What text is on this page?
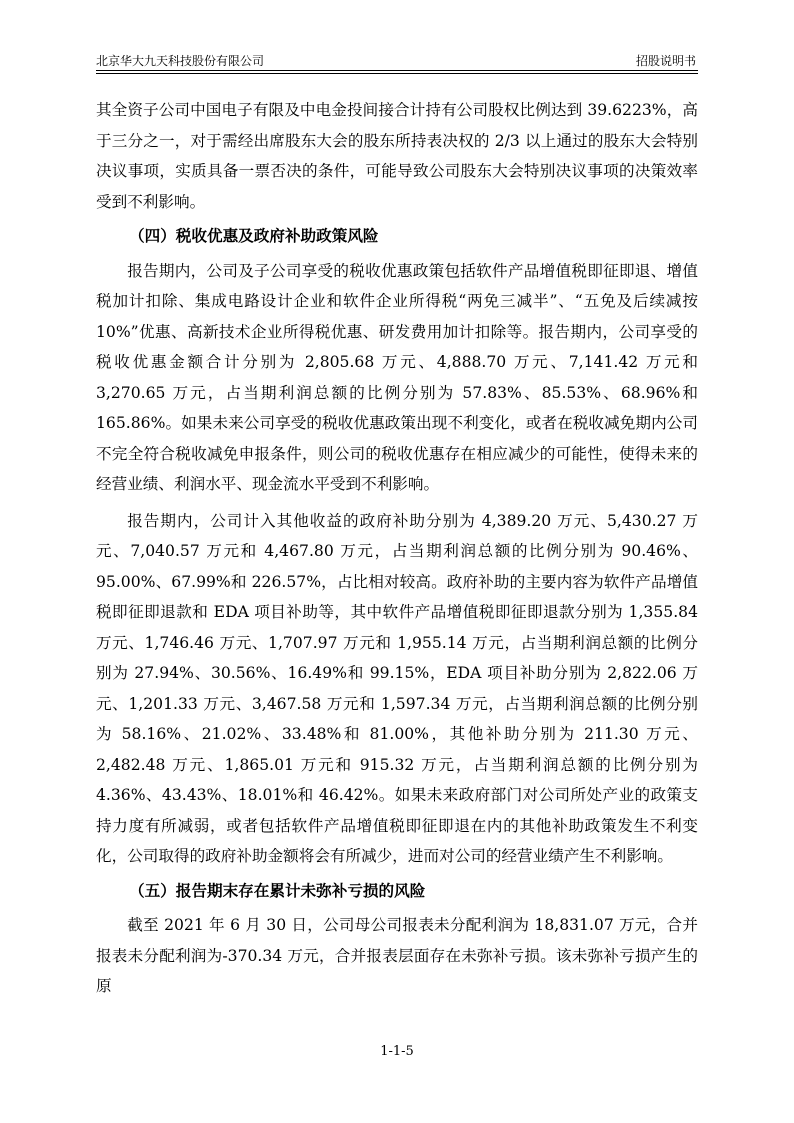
北京华大九天科技股份有限公司	招股说明书

其全资子公司中国电子有限及中电金投间接合计持有公司股权比例达到 39.6223%，高于三分之一，对于需经出席股东大会的股东所持表决权的 2/3 以上通过的股东大会特别决议事项，实质具备一票否决的条件，可能导致公司股东大会特别决议事项的决策效率受到不利影响。

（四）税收优惠及政府补助政策风险

报告期内，公司及子公司享受的税收优惠政策包括软件产品增值税即征即退、增值税加计扣除、集成电路设计企业和软件企业所得税“两免三减半”、“五免及后续减按 10%”优惠、高新技术企业所得税优惠、研发费用加计扣除等。报告期内，公司享受的税收优惠金额合计分别为 2,805.68 万元、4,888.70 万元、7,141.42 万元和 3,270.65 万元，占当期利润总额的比例分别为 57.83%、85.53%、68.96%和 165.86%。如果未来公司享受的税收优惠政策出现不利变化，或者在税收减免期内公司不完全符合税收减免申报条件，则公司的税收优惠存在相应减少的可能性，使得未来的经营业绩、利润水平、现金流水平受到不利影响。

报告期内，公司计入其他收益的政府补助分别为 4,389.20 万元、5,430.27 万元、7,040.57 万元和 4,467.80 万元，占当期利润总额的比例分别为 90.46%、95.00%、67.99%和 226.57%，占比相对较高。政府补助的主要内容为软件产品增值税即征即退款和 EDA 项目补助等，其中软件产品增值税即征即退款分别为 1,355.84 万元、1,746.46 万元、1,707.97 万元和 1,955.14 万元，占当期利润总额的比例分别为 27.94%、30.56%、16.49%和 99.15%，EDA 项目补助分别为 2,822.06 万元、1,201.33 万元、3,467.58 万元和 1,597.34 万元，占当期利润总额的比例分别为 58.16%、21.02%、33.48%和 81.00%，其他补助分别为 211.30 万元、2,482.48 万元、1,865.01 万元和 915.32 万元，占当期利润总额的比例分别为 4.36%、43.43%、18.01%和 46.42%。如果未来政府部门对公司所处产业的政策支持力度有所减弱，或者包括软件产品增值税即征即退在内的其他补助政策发生不利变化，公司取得的政府补助金额将会有所减少，进而对公司的经营业绩产生不利影响。

（五）报告期末存在累计未弥补亏损的风险

截至 2021 年 6 月 30 日，公司母公司报表未分配利润为 18,831.07 万元，合并报表未分配利润为-370.34 万元，合并报表层面存在未弥补亏损。该未弥补亏损产生的原

1-1-5
